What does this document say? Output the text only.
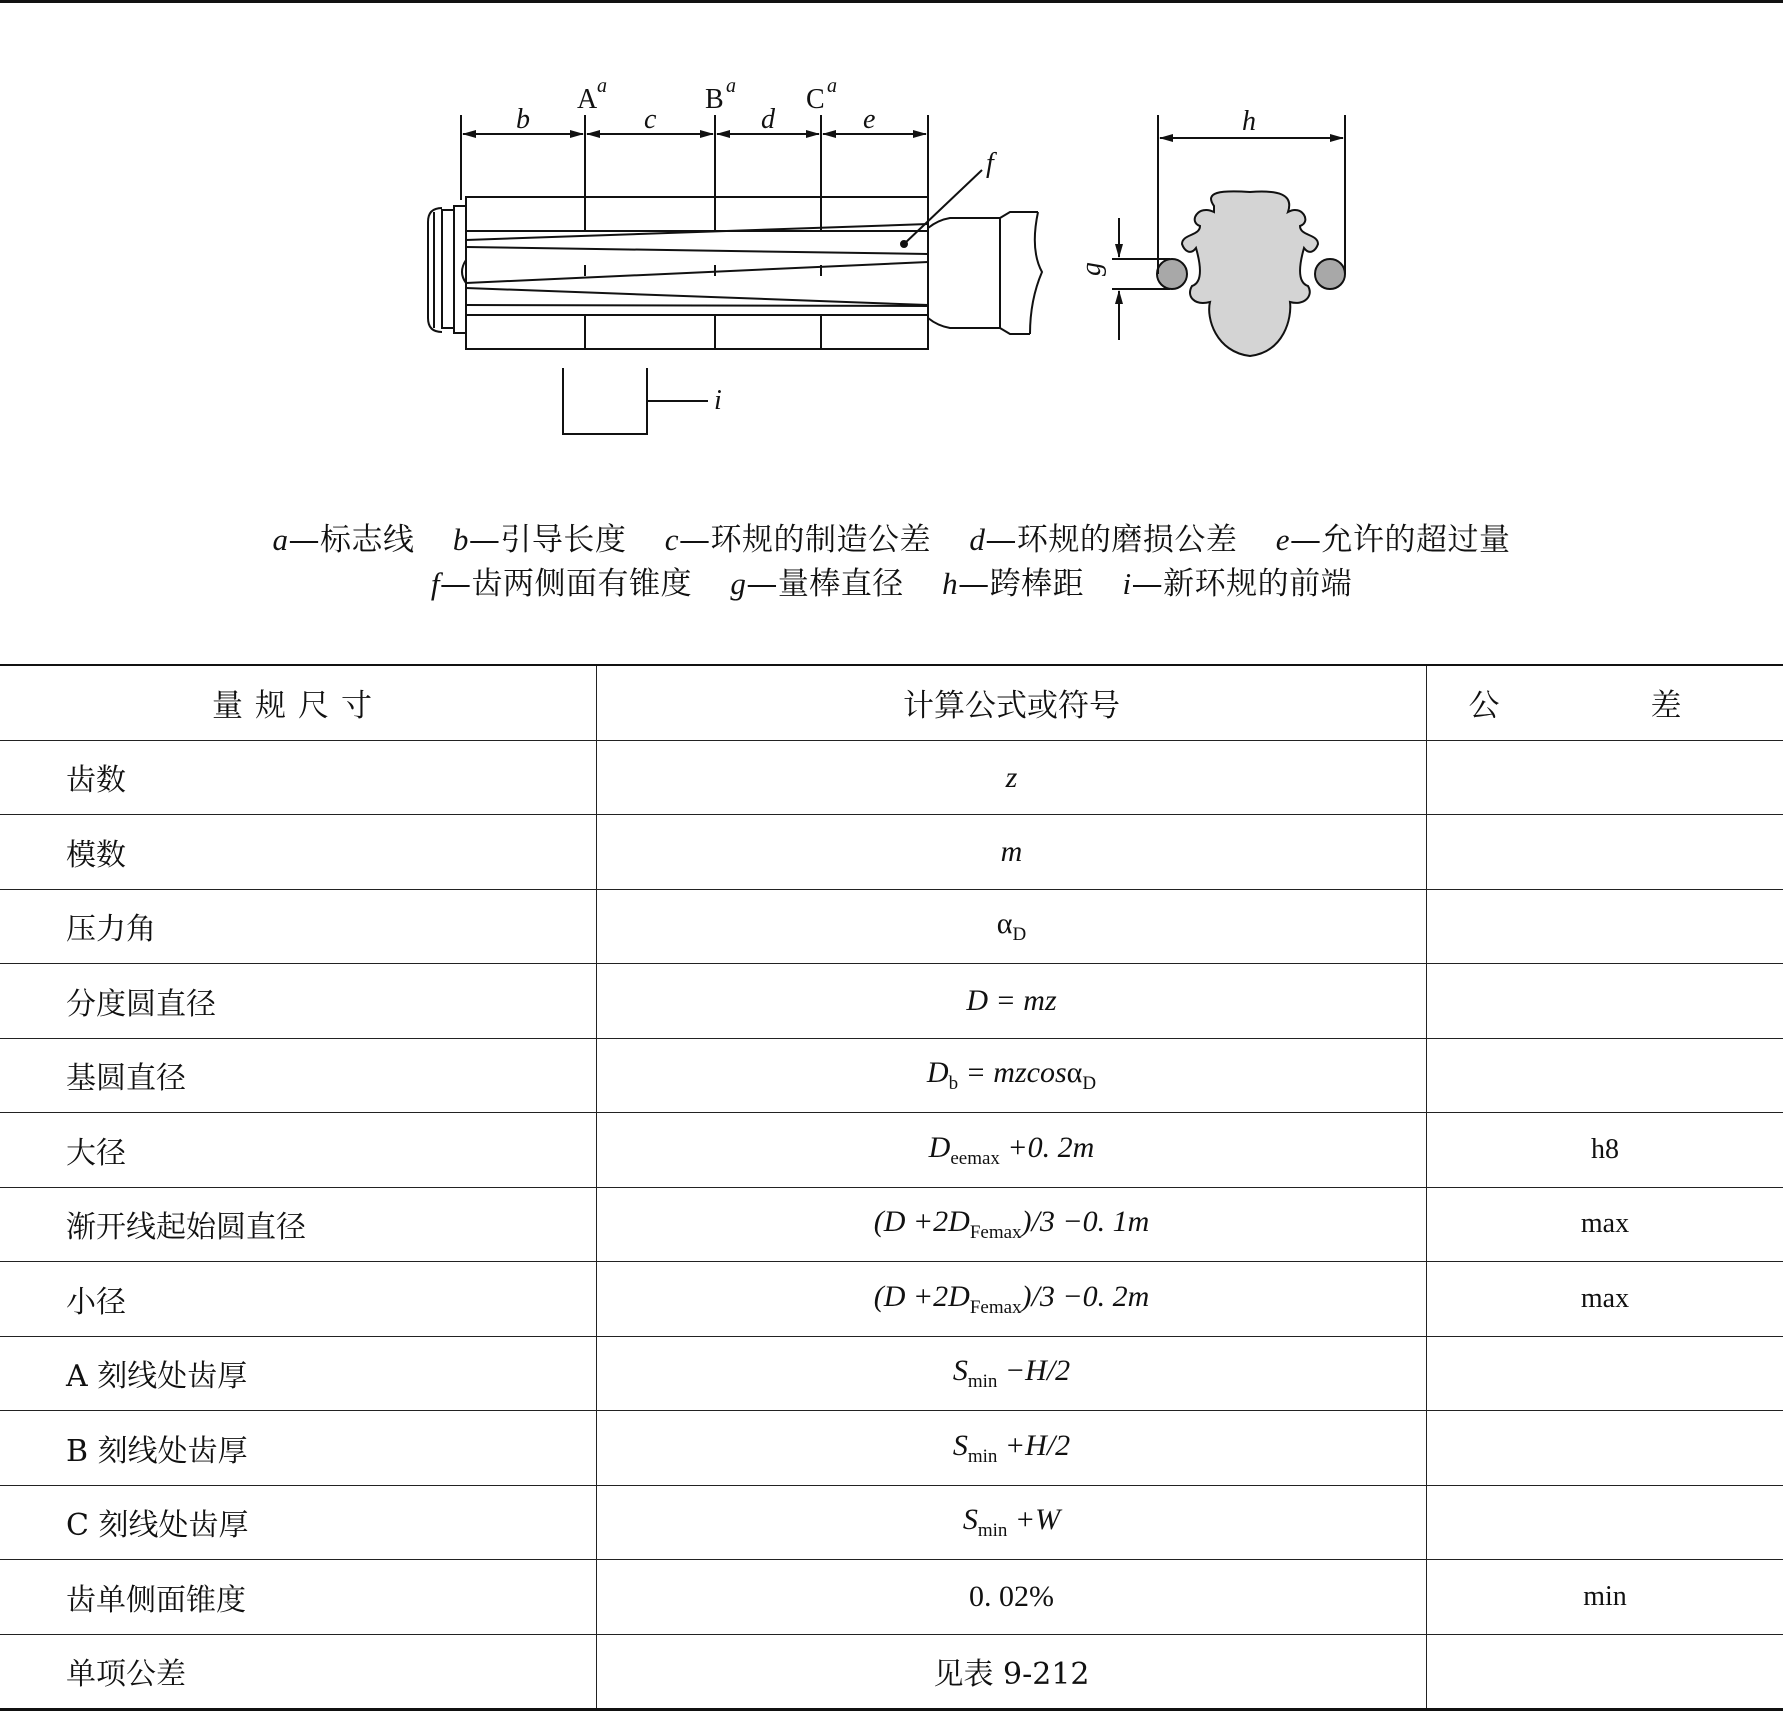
b
A a
c
B a
d
C a
e
f
h
g
i
a—标志线 b—引导长度 c—环规的制造公差 d—环规的磨损公差 e—允许的超过量
f—齿两侧面有锥度 g—量棒直径 h—跨棒距 i—新环规的前端
量规尺寸	计算公式或符号	公　差
齿数	z	
模数	m	
压力角	$\alpha_D$	
分度圆直径	D = mz	
基圆直径	$D_b = mzcos\alpha_D$	
大径	$D_{eemax} +0$. 2m	h8
渐开线起始圆直径	$(D +2D_{Femax})/3 -0$. 1m	max
小径	$(D +2D_{Femax})/3 -0$. 2m	max
A 刻线处齿厚	$S_{min} -H/2$	
B 刻线处齿厚	$S_{min} +H/2$	
C 刻线处齿厚	$S_{min} +W$	
齿单侧面锥度	0. 02%	min
单项公差	见表 9-212	
